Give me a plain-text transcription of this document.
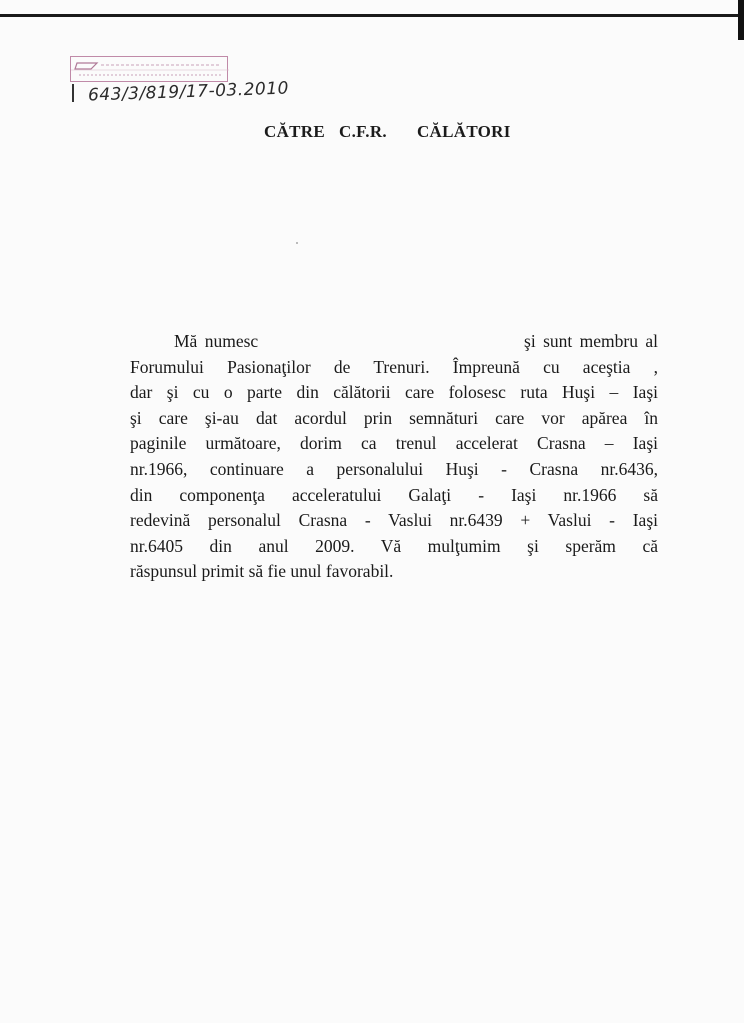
643/3/819/17-03.2010
CĂTRE C.F.R. CĂLĂTORI
Mă numesc                                    şi sunt membru al
Forumului Pasionaţilor de Trenuri. Împreună cu aceştia ,
dar şi cu o parte din călătorii care folosesc ruta Huşi – Iaşi
şi care şi-au dat acordul prin semnături care vor apărea în
paginile următoare, dorim ca trenul accelerat Crasna – Iaşi
nr.1966, continuare a personalului Huşi - Crasna nr.6436,
din componenţa acceleratului Galaţi - Iaşi nr.1966 să
redevină personalul Crasna - Vaslui nr.6439 + Vaslui - Iaşi
nr.6405 din anul 2009. Vă mulţumim şi sperăm că
răspunsul primit să fie unul favorabil.
